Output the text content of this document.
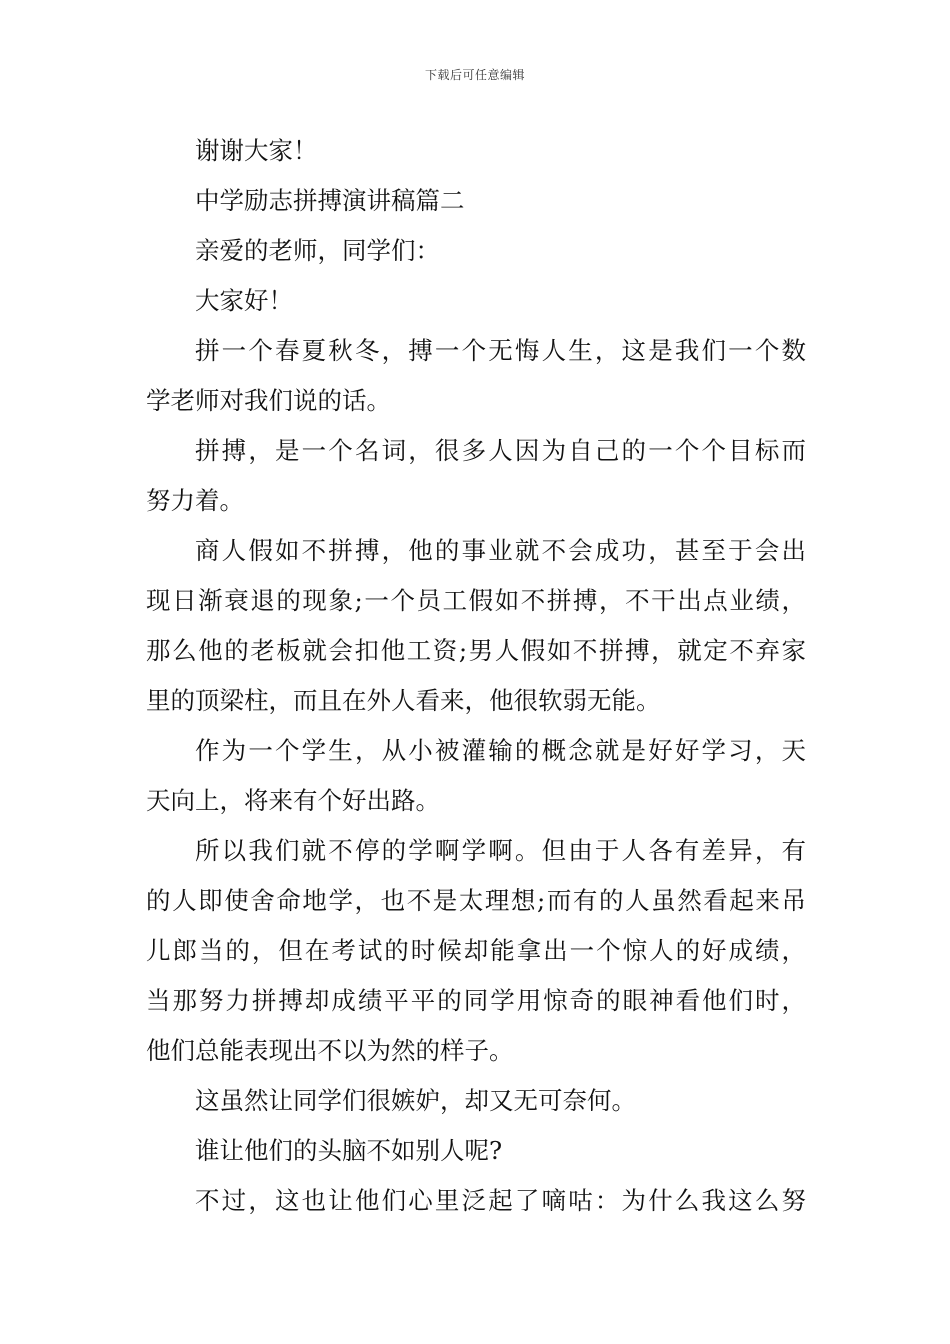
下载后可任意编辑
谢谢大家！
中学励志拼搏演讲稿篇二
亲爱的老师，同学们：
大家好！
拼一个春夏秋冬，搏一个无悔人生，这是我们一个数
学老师对我们说的话。
拼搏，是一个名词，很多人因为自己的一个个目标而
努力着。
商人假如不拼搏，他的事业就不会成功，甚至于会出
现日渐衰退的现象;一个员工假如不拼搏，不干出点业绩，
那么他的老板就会扣他工资;男人假如不拼搏，就定不弃家
里的顶梁柱，而且在外人看来，他很软弱无能。
作为一个学生，从小被灌输的概念就是好好学习，天
天向上，将来有个好出路。
所以我们就不停的学啊学啊。但由于人各有差异，有
的人即使舍命地学，也不是太理想;而有的人虽然看起来吊
儿郎当的，但在考试的时候却能拿出一个惊人的好成绩，
当那努力拼搏却成绩平平的同学用惊奇的眼神看他们时，
他们总能表现出不以为然的样子。
这虽然让同学们很嫉妒，却又无可奈何。
谁让他们的头脑不如别人呢?
不过，这也让他们心里泛起了嘀咕：为什么我这么努
